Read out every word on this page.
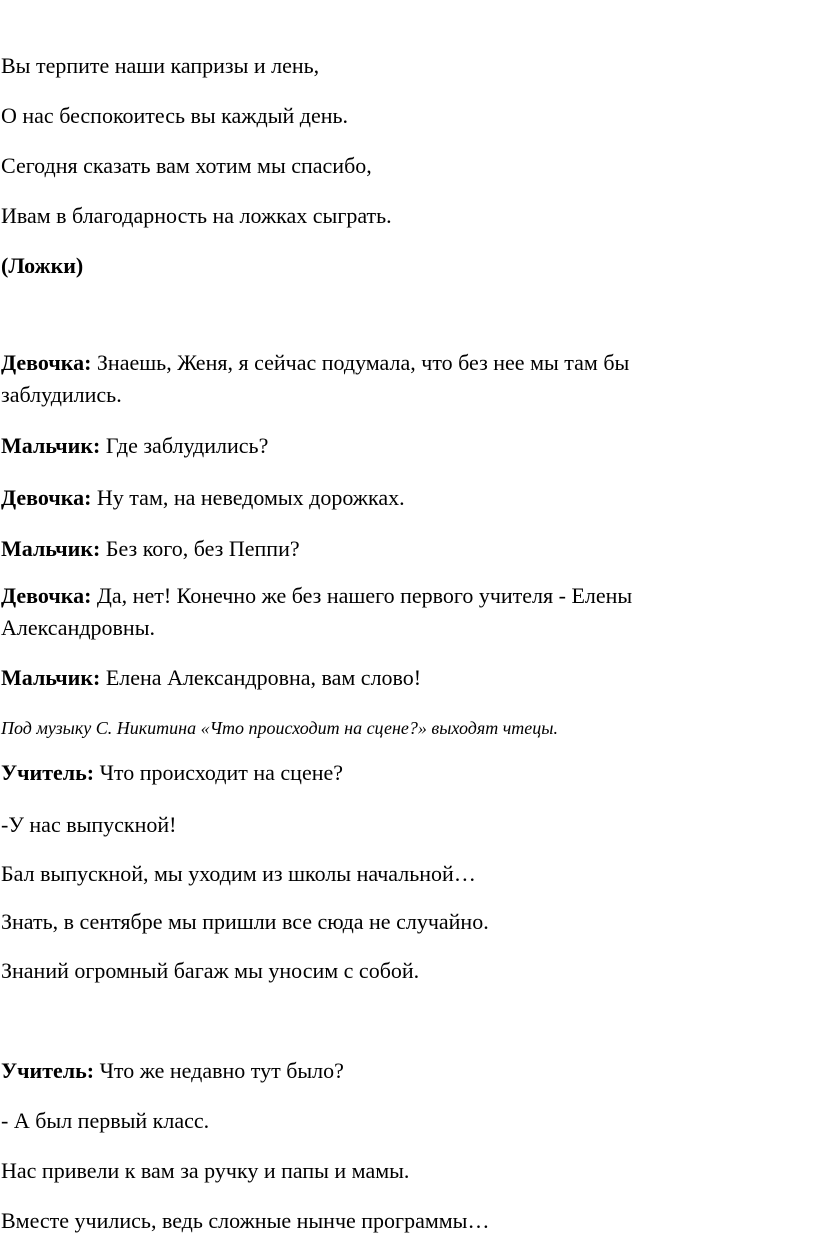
Вы терпите наши капризы и лень,
О нас беспокоитесь вы каждый день.
Сегодня сказать вам хотим мы спасибо,
Ивам в благодарность на ложках сыграть.
(Ложки)
Девочка: Знаешь, Женя, я сейчас подумала, что без нее мы там бы заблудились.
Мальчик: Где заблудились?
Девочка: Ну там, на неведомых дорожках.
Мальчик: Без кого, без Пеппи?
Девочка: Да, нет! Конечно же без нашего первого учителя - Елены Александровны.
Мальчик: Елена Александровна, вам слово!
Под музыку С. Никитина «Что происходит на сцене?» выходят чтецы.
Учитель: Что происходит на сцене?
-У нас выпускной!
Бал выпускной, мы уходим из школы начальной…
Знать, в сентябре мы пришли все сюда не случайно.
Знаний огромный багаж мы уносим с собой.
Учитель: Что же недавно тут было?
- А был первый класс.
Нас привели к вам за ручку и папы и мамы.
Вместе учились, ведь сложные нынче программы…
